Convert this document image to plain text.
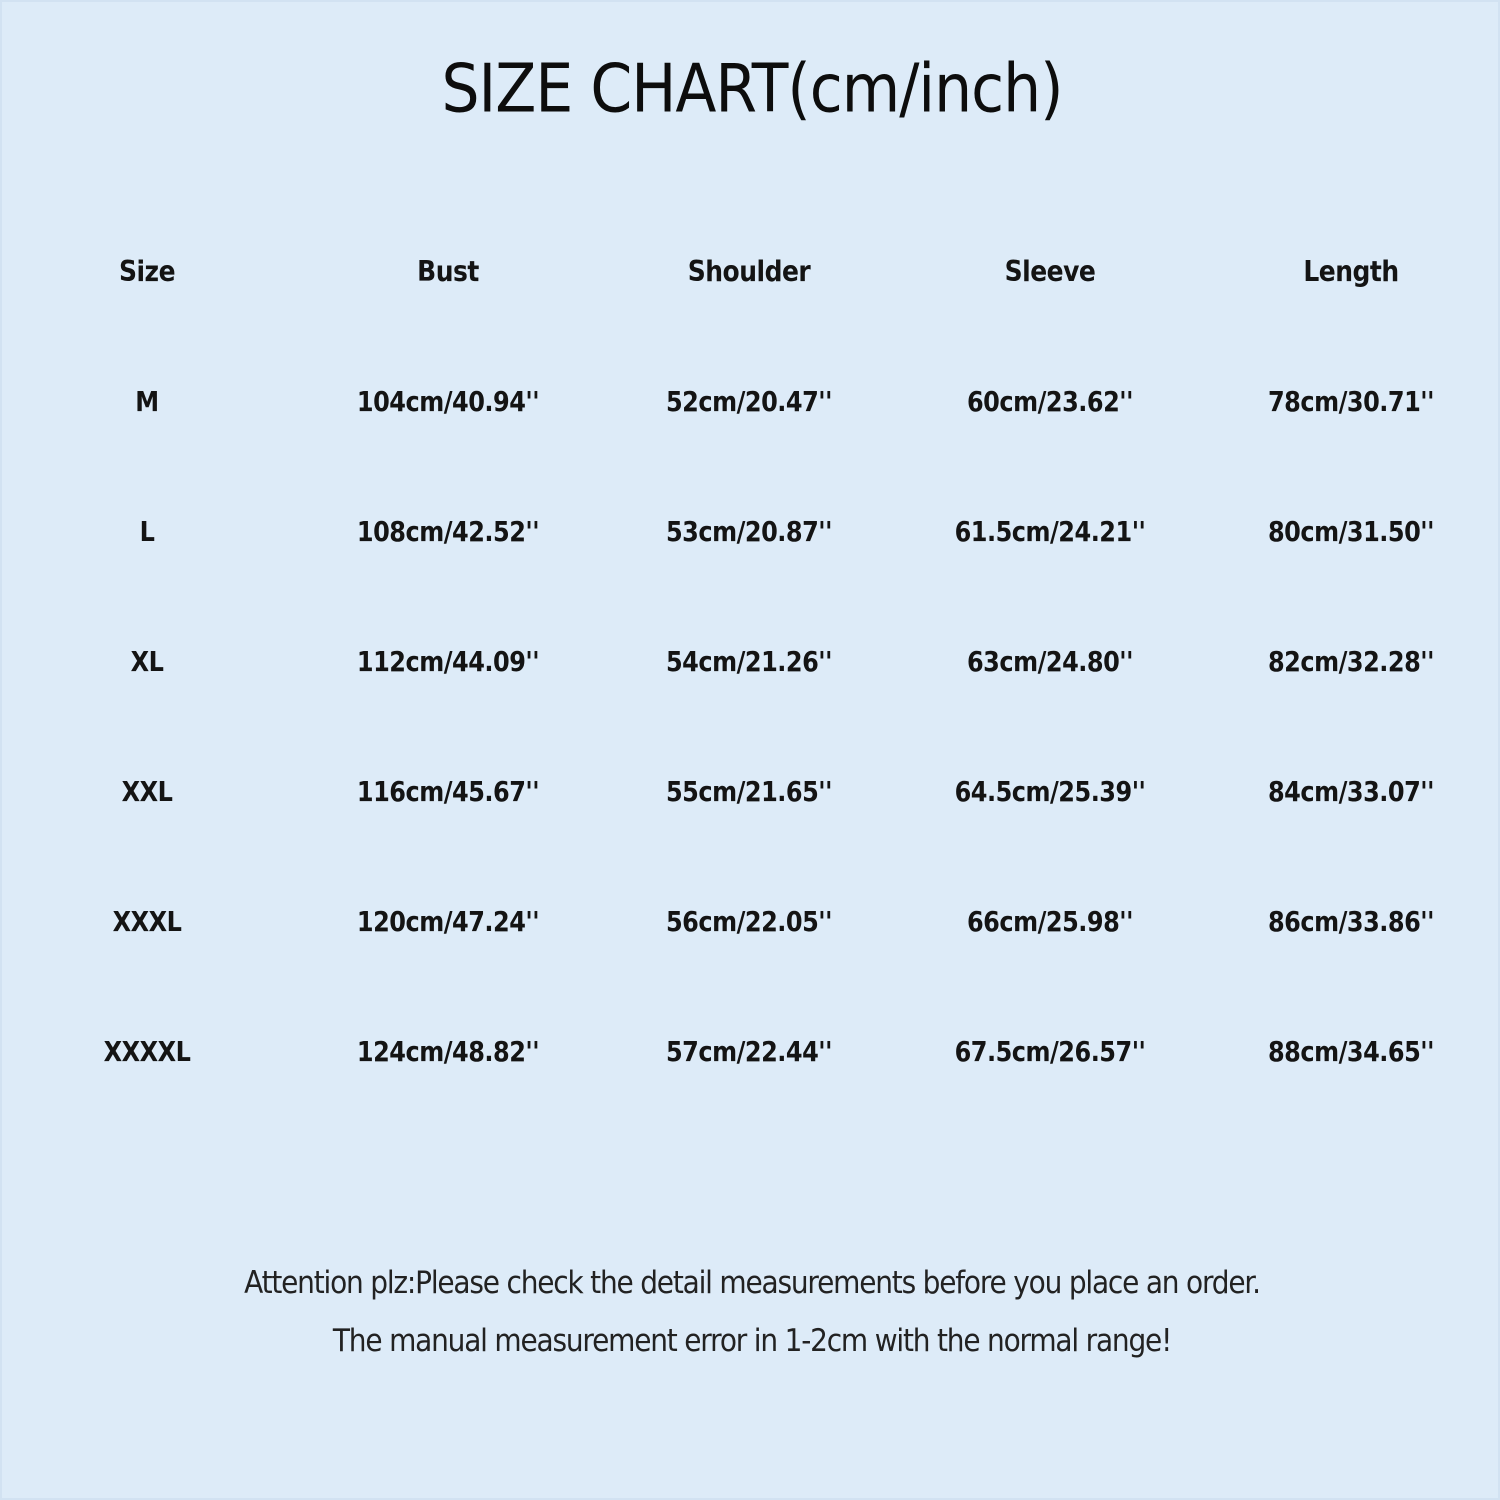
SIZE CHART(cm/inch)
Size	Bust	Shoulder	Sleeve	Length
M	104cm/40.94''	52cm/20.47''	60cm/23.62''	78cm/30.71''
L	108cm/42.52''	53cm/20.87''	61.5cm/24.21''	80cm/31.50''
XL	112cm/44.09''	54cm/21.26''	63cm/24.80''	82cm/32.28''
XXL	116cm/45.67''	55cm/21.65''	64.5cm/25.39''	84cm/33.07''
XXXL	120cm/47.24''	56cm/22.05''	66cm/25.98''	86cm/33.86''
XXXXL	124cm/48.82''	57cm/22.44''	67.5cm/26.57''	88cm/34.65''
Attention plz:Please check the detail measurements before you place an order.
The manual measurement error in 1-2cm with the normal range!
